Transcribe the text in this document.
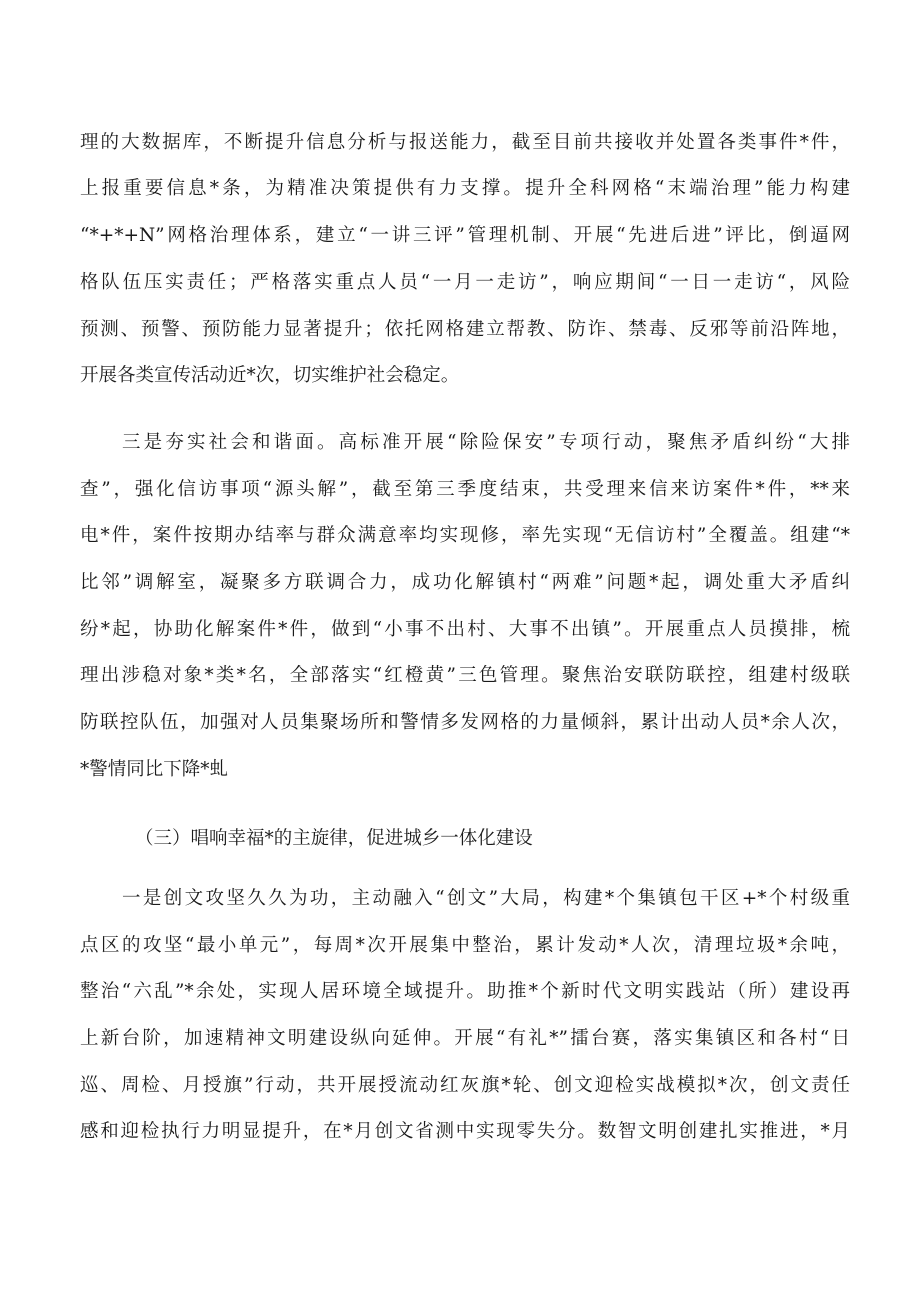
理的大数据库，不断提升信息分析与报送能力，截至目前共接收并处置各类事件*件，
上报重要信息*条，为精准决策提供有力支撑。提升全科网格“末端治理”能力构建
“*+*+N”网格治理体系，建立“一讲三评”管理机制、开展“先进后进”评比，倒逼网
格队伍压实责任；严格落实重点人员“一月一走访”，响应期间“一日一走访“，风险
预测、预警、预防能力显著提升；依托网格建立帮教、防诈、禁毒、反邪等前沿阵地，
开展各类宣传活动近*次，切实维护社会稳定。
三是夯实社会和谐面。高标准开展“除险保安”专项行动，聚焦矛盾纠纷“大排
查”，强化信访事项“源头解”，截至第三季度结束，共受理来信来访案件*件，**来
电*件，案件按期办结率与群众满意率均实现修，率先实现“无信访村”全覆盖。组建“*
比邻”调解室，凝聚多方联调合力，成功化解镇村“两难”问题*起，调处重大矛盾纠
纷*起，协助化解案件*件，做到“小事不出村、大事不出镇”。开展重点人员摸排，梳
理出涉稳对象*类*名，全部落实“红橙黄”三色管理。聚焦治安联防联控，组建村级联
防联控队伍，加强对人员集聚场所和警情多发网格的力量倾斜，累计出动人员*余人次，
*警情同比下降*虬
（三）唱响幸福*的主旋律，促进城乡一体化建设
一是创文攻坚久久为功，主动融入“创文”大局，构建*个集镇包干区+*个村级重
点区的攻坚“最小单元”，每周*次开展集中整治，累计发动*人次，清理垃圾*余吨，
整治“六乱”*余处，实现人居环境全域提升。助推*个新时代文明实践站（所）建设再
上新台阶，加速精神文明建设纵向延伸。开展“有礼*”擂台赛，落实集镇区和各村“日
巡、周检、月授旗”行动，共开展授流动红灰旗*轮、创文迎检实战模拟*次，创文责任
感和迎检执行力明显提升，在*月创文省测中实现零失分。数智文明创建扎实推进，*月
